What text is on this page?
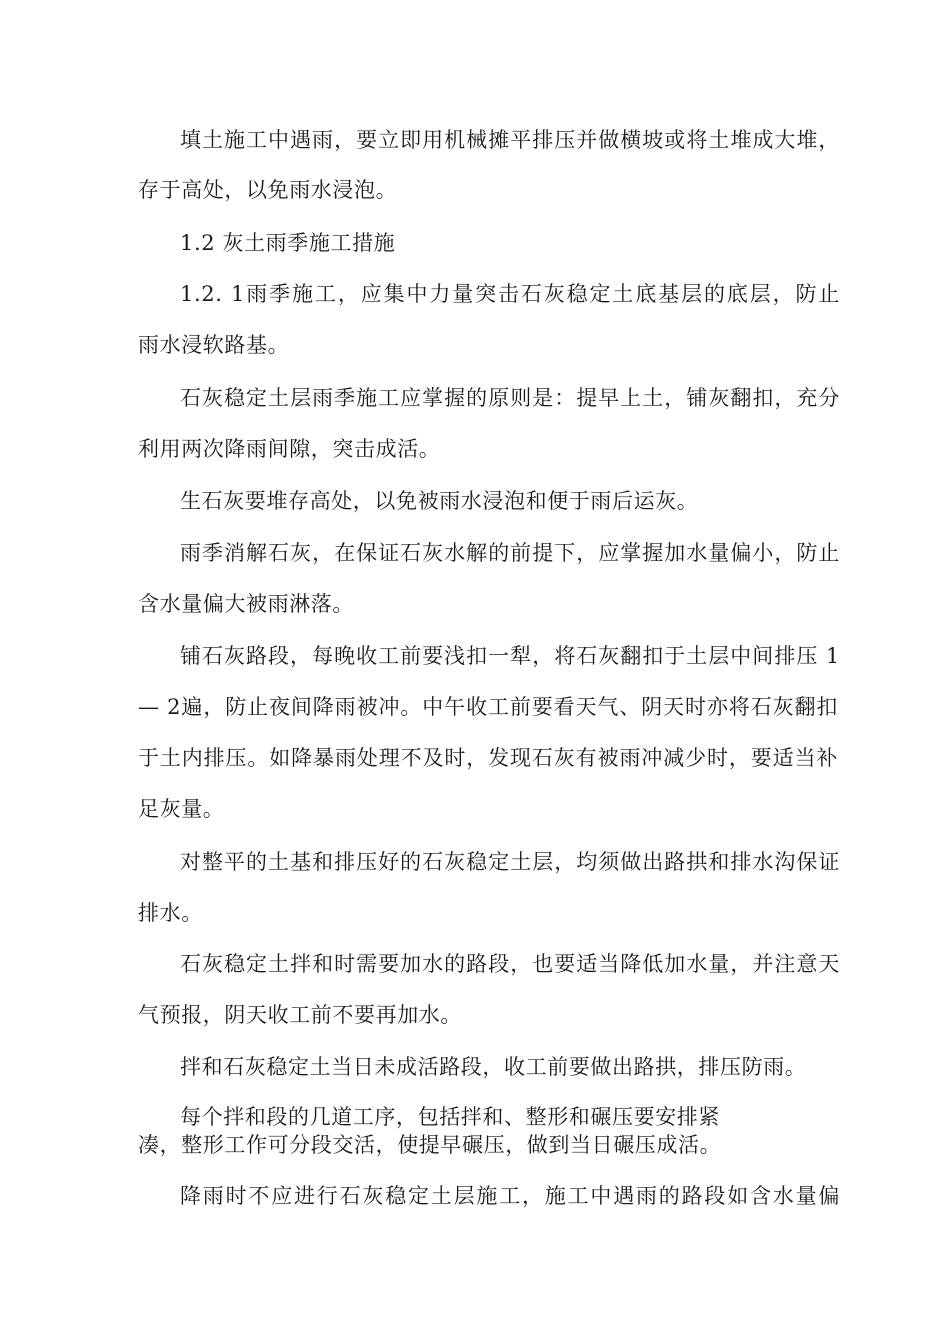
填土施工中遇雨，要立即用机械摊平排压并做横坡或将土堆成大堆，
存于高处，以免雨水浸泡。
1.2 灰土雨季施工措施
1.2. 1雨季施工，应集中力量突击石灰稳定土底基层的底层，防止
雨水浸软路基。
石灰稳定土层雨季施工应掌握的原则是：提早上土，铺灰翻扣，充分
利用两次降雨间隙，突击成活。
生石灰要堆存高处，以免被雨水浸泡和便于雨后运灰。
雨季消解石灰，在保证石灰水解的前提下，应掌握加水量偏小，防止
含水量偏大被雨淋落。
铺石灰路段，每晚收工前要浅扣一犁，将石灰翻扣于土层中间排压 1
— 2遍，防止夜间降雨被冲。中午收工前要看天气、阴天时亦将石灰翻扣
于土内排压。如降暴雨处理不及时，发现石灰有被雨冲减少时，要适当补
足灰量。
对整平的土基和排压好的石灰稳定土层，均须做出路拱和排水沟保证
排水。
石灰稳定土拌和时需要加水的路段，也要适当降低加水量，并注意天
气预报，阴天收工前不要再加水。
拌和石灰稳定土当日未成活路段，收工前要做出路拱，排压防雨。
每个拌和段的几道工序，包括拌和、整形和碾压要安排紧
凑，整形工作可分段交活，使提早碾压，做到当日碾压成活。
降雨时不应进行石灰稳定土层施工，施工中遇雨的路段如含水量偏
